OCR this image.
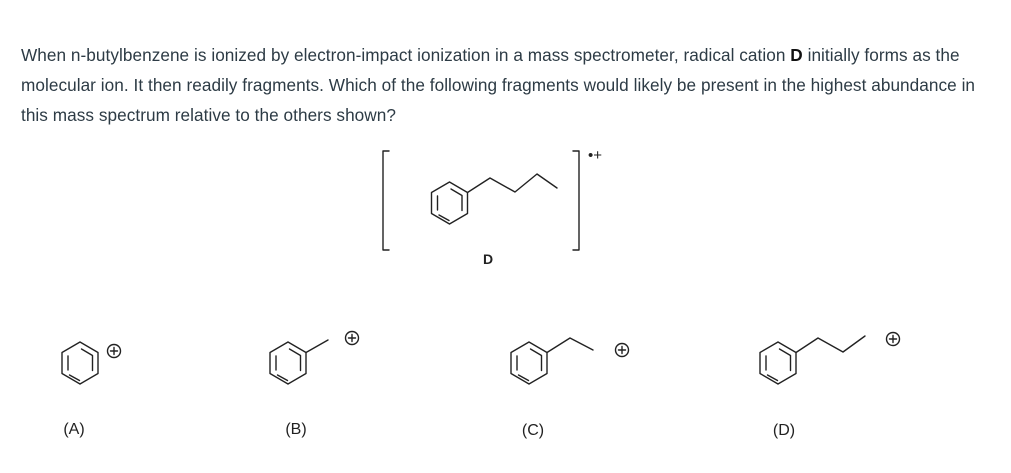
When n-butylbenzene is ionized by electron-impact ionization in a mass spectrometer, radical cation D initially forms as the molecular ion. It then readily fragments. Which of the following fragments would likely be present in the highest abundance in this mass spectrum relative to the others shown?
•+
D
(A)	(B)	(C)	(D)
